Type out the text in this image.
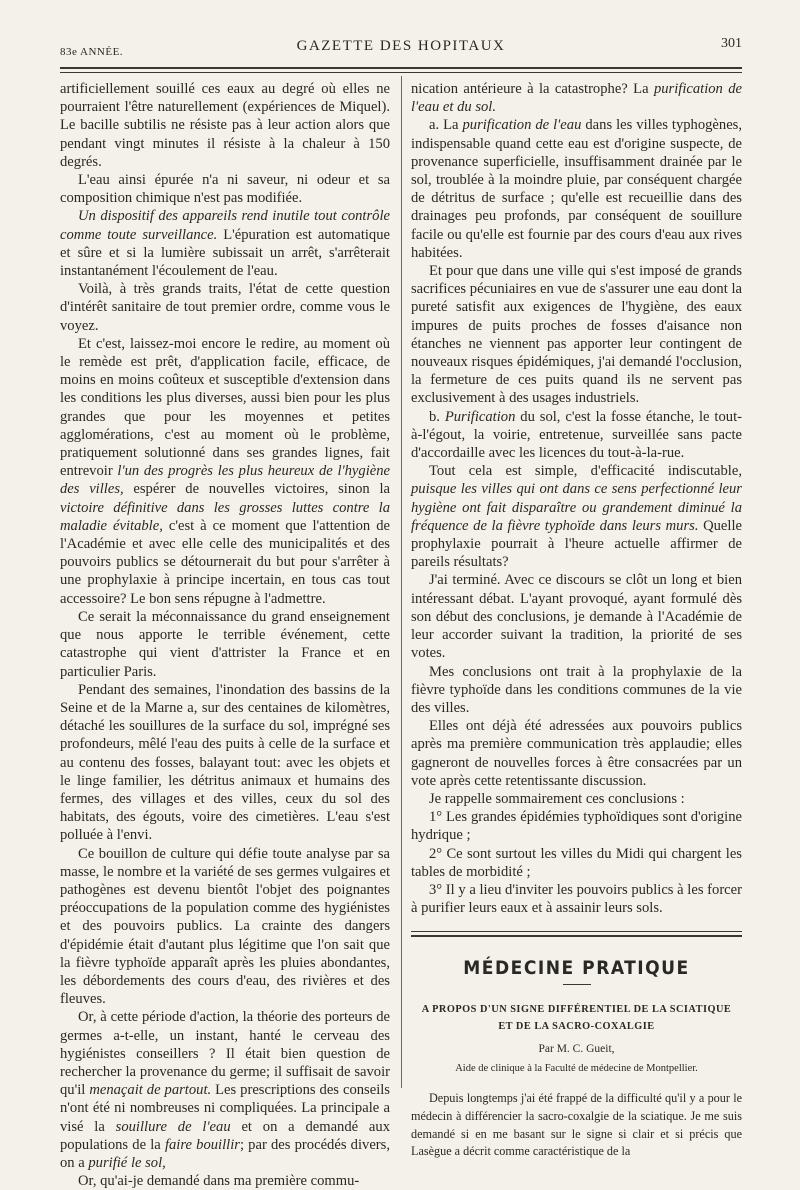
83e ANNÉE.	GAZETTE DES HOPITAUX	301

artificiellement souillé ces eaux au degré où elles ne pourraient l'être naturellement (expériences de Miquel). Le bacille subtilis ne résiste pas à leur action alors que pendant vingt minutes il résiste à la chaleur à 150 degrés.

L'eau ainsi épurée n'a ni saveur, ni odeur et sa composition chimique n'est pas modifiée.

Un dispositif des appareils rend inutile tout contrôle comme toute surveillance. L'épuration est automatique et sûre et si la lumière subissait un arrêt, s'arrêterait instantanément l'écoulement de l'eau.

Voilà, à très grands traits, l'état de cette question d'intérêt sanitaire de tout premier ordre, comme vous le voyez.

Et c'est, laissez-moi encore le redire, au moment où le remède est prêt, d'application facile, efficace, de moins en moins coûteux et susceptible d'extension dans les conditions les plus diverses, aussi bien pour les plus grandes que pour les moyennes et petites agglomérations, c'est au moment où le problème, pratiquement solutionné dans ses grandes lignes, fait entrevoir l'un des progrès les plus heureux de l'hygiène des villes, espérer de nouvelles victoires, sinon la victoire définitive dans les grosses luttes contre la maladie évitable, c'est à ce moment que l'attention de l'Académie et avec elle celle des municipalités et des pouvoirs publics se détournerait du but pour s'arrêter à une prophylaxie à principe incertain, en tous cas tout accessoire? Le bon sens répugne à l'admettre.

Ce serait la méconnaissance du grand enseignement que nous apporte le terrible événement, cette catastrophe qui vient d'attrister la France et en particulier Paris.

Pendant des semaines, l'inondation des bassins de la Seine et de la Marne a, sur des centaines de kilomètres, détaché les souillures de la surface du sol, imprégné ses profondeurs, mêlé l'eau des puits à celle de la surface et au contenu des fosses, balayant tout: avec les objets et le linge familier, les détritus animaux et humains des fermes, des villages et des villes, ceux du sol des habitats, des égouts, voire des cimetières. L'eau s'est polluée à l'envi.

Ce bouillon de culture qui défie toute analyse par sa masse, le nombre et la variété de ses germes vulgaires et pathogènes est devenu bientôt l'objet des poignantes préoccupations de la population comme des hygiénistes et des pouvoirs publics. La crainte des dangers d'épidémie était d'autant plus légitime que l'on sait que la fièvre typhoïde apparaît après les pluies abondantes, les débordements des cours d'eau, des rivières et des fleuves.

Or, à cette période d'action, la théorie des porteurs de germes a-t-elle, un instant, hanté le cerveau des hygiénistes conseillers ? Il était bien question de rechercher la provenance du germe; il suffisait de savoir qu'il menaçait de partout. Les prescriptions des conseils n'ont été ni nombreuses ni compliquées. La principale a visé la souillure de l'eau et on a demandé aux populations de la faire bouillir; par des procédés divers, on a purifié le sol,

Or, qu'ai-je demandé dans ma première commu-

nication antérieure à la catastrophe? La purification de l'eau et du sol.

a. La purification de l'eau dans les villes typhogènes, indispensable quand cette eau est d'origine suspecte, de provenance superficielle, insuffisamment drainée par le sol, troublée à la moindre pluie, par conséquent chargée de détritus de surface ; qu'elle est recueillie dans des drainages peu profonds, par conséquent de souillure facile ou qu'elle est fournie par des cours d'eau aux rives habitées.

Et pour que dans une ville qui s'est imposé de grands sacrifices pécuniaires en vue de s'assurer une eau dont la pureté satisfit aux exigences de l'hygiène, des eaux impures de puits proches de fosses d'aisance non étanches ne viennent pas apporter leur contingent de nouveaux risques épidémiques, j'ai demandé l'occlusion, la fermeture de ces puits quand ils ne servent pas exclusivement à des usages industriels.

b. Purification du sol, c'est la fosse étanche, le tout-à-l'égout, la voirie, entretenue, surveillée sans pacte d'accordaille avec les licences du tout-à-la-rue.

Tout cela est simple, d'efficacité indiscutable, puisque les villes qui ont dans ce sens perfectionné leur hygiène ont fait disparaître ou grandement diminué la fréquence de la fièvre typhoïde dans leurs murs. Quelle prophylaxie pourrait à l'heure actuelle affirmer de pareils résultats?

J'ai terminé. Avec ce discours se clôt un long et bien intéressant débat. L'ayant provoqué, ayant formulé dès son début des conclusions, je demande à l'Académie de leur accorder suivant la tradition, la priorité de ses votes.

Mes conclusions ont trait à la prophylaxie de la fièvre typhoïde dans les conditions communes de la vie des villes.

Elles ont déjà été adressées aux pouvoirs publics après ma première communication très applaudie; elles gagneront de nouvelles forces à être consacrées par un vote après cette retentissante discussion.

Je rappelle sommairement ces conclusions :

1° Les grandes épidémies typhoïdiques sont d'origine hydrique ;

2° Ce sont surtout les villes du Midi qui chargent les tables de morbidité ;

3° Il y a lieu d'inviter les pouvoirs publics à les forcer à purifier leurs eaux et à assainir leurs sols.

MÉDECINE PRATIQUE
A PROPOS D'UN SIGNE DIFFÉRENTIEL DE LA SCIATIQUE
ET DE LA SACRO-COXALGIE
Par M. C. Gueit,
Aide de clinique à la Faculté de médecine de Montpellier.

Depuis longtemps j'ai été frappé de la difficulté qu'il y a pour le médecin à différencier la sacro-coxalgie de la sciatique. Je me suis demandé si en me basant sur le signe si clair et si précis que Lasègue a décrit comme caractéristique de la
